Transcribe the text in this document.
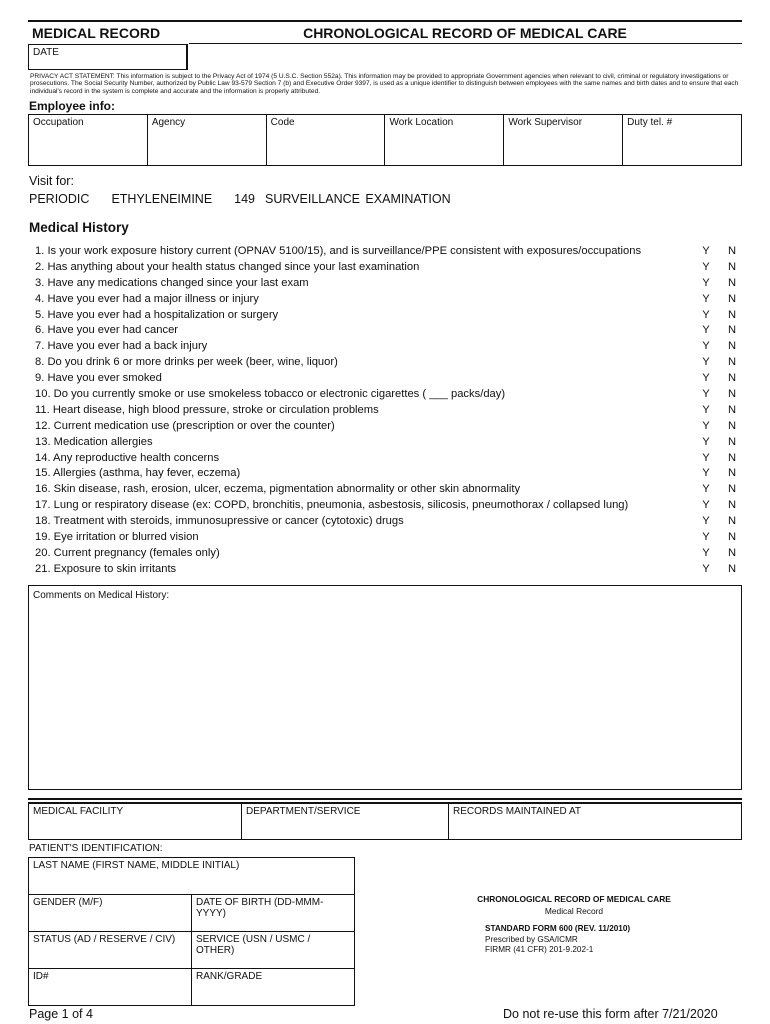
MEDICAL RECORD	CHRONOLOGICAL RECORD OF MEDICAL CARE
DATE
PRIVACY ACT STATEMENT: This information is subject to the Privacy Act of 1974 (5 U.S.C. Section 552a). This information may be provided to appropriate Government agencies when relevant to civil, criminal or regulatory investigations or prosecutions. The Social Security Number, authorized by Public Law 93-579 Section 7 (b) and Executive Order 9397, is used as a unique identifier to distinguish between employees with the same names and birth dates and to ensure that each individual's record in the system is complete and accurate and the information is properly attributed.
Employee info:
Occupation	Agency	Code	Work Location	Work Supervisor	Duty tel. #
Visit for:
PERIODIC ETHYLENEIMINE 149 SURVEILLANCE EXAMINATION
Medical History
1. Is your work exposure history current (OPNAV 5100/15), and is surveillance/PPE consistent with exposures/occupations	Y	N
2. Has anything about your health status changed since your last examination	Y	N
3. Have any medications changed since your last exam	Y	N
4. Have you ever had a major illness or injury	Y	N
5. Have you ever had a hospitalization or surgery	Y	N
6. Have you ever had cancer	Y	N
7. Have you ever had a back injury	Y	N
8. Do you drink 6 or more drinks per week (beer, wine, liquor)	Y	N
9. Have you ever smoked	Y	N
10. Do you currently smoke or use smokeless tobacco or electronic cigarettes ( ___ packs/day)	Y	N
11. Heart disease, high blood pressure, stroke or circulation problems	Y	N
12. Current medication use (prescription or over the counter)	Y	N
13. Medication allergies	Y	N
14. Any reproductive health concerns	Y	N
15. Allergies (asthma, hay fever, eczema)	Y	N
16. Skin disease, rash, erosion, ulcer, eczema, pigmentation abnormality or other skin abnormality	Y	N
17. Lung or respiratory disease (ex: COPD, bronchitis, pneumonia, asbestosis, silicosis, pneumothorax / collapsed lung)	Y	N
18. Treatment with steroids, immunosupressive or cancer (cytotoxic) drugs	Y	N
19. Eye irritation or blurred vision	Y	N
20. Current pregnancy (females only)	Y	N
21. Exposure to skin irritants	Y	N
Comments on Medical History:
MEDICAL FACILITY	DEPARTMENT/SERVICE	RECORDS MAINTAINED AT
PATIENT'S IDENTIFICATION:
LAST NAME (FIRST NAME, MIDDLE INITIAL)
GENDER (M/F)	DATE OF BIRTH (DD-MMM-YYYY)
STATUS (AD / RESERVE / CIV)	SERVICE (USN / USMC / OTHER)
ID#	RANK/GRADE
CHRONOLOGICAL RECORD OF MEDICAL CARE
Medical Record
STANDARD FORM 600 (REV. 11/2010)
Prescribed by GSA/ICMR
FIRMR (41 CFR) 201-9.202-1
Page 1 of 4	Do not re-use this form after 7/21/2020
